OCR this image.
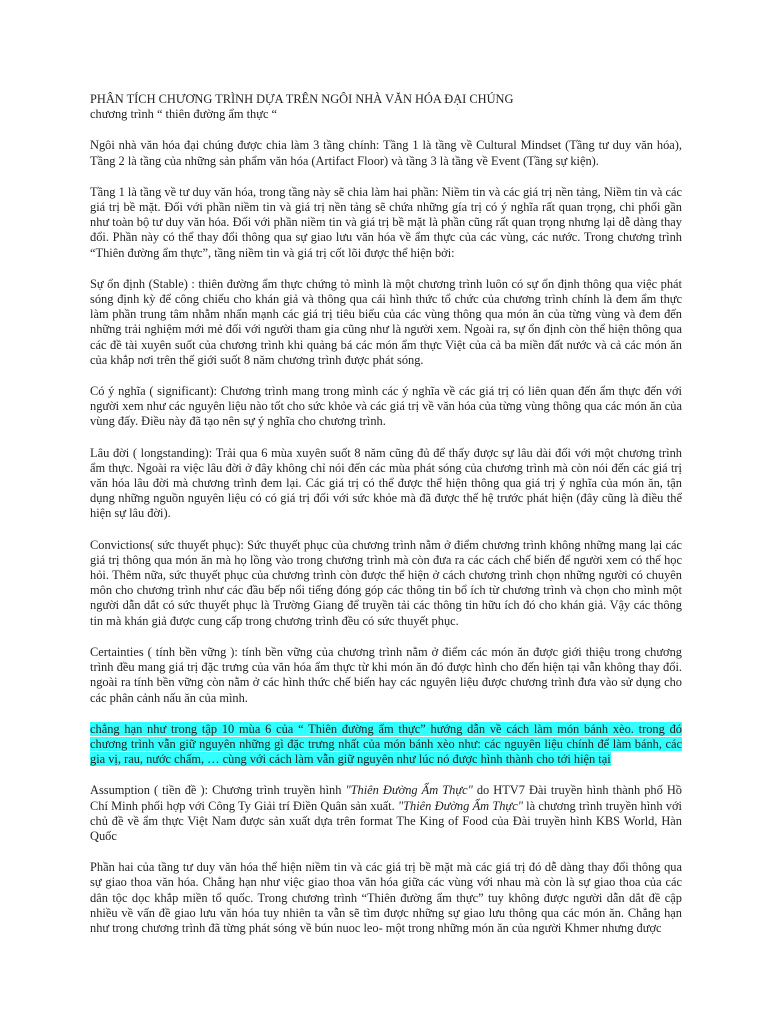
PHÂN TÍCH CHƯƠNG TRÌNH DỰA TRÊN NGÔI NHÀ VĂN HÓA ĐẠI CHÚNG

chương trình “ thiên đường ẩm thực “

Ngôi nhà văn hóa đại chúng được chia làm 3 tầng chính: Tầng 1 là tầng về Cultural Mindset (Tầng tư duy văn hóa), Tầng 2 là tầng của những sản phẩm văn hóa (Artifact Floor) và tầng 3 là tầng về Event (Tầng sự kiện).

Tầng 1 là tầng về tư duy văn hóa, trong tầng này sẽ chia làm hai phần: Niềm tin và các giá trị nền tảng, Niềm tin và các giá trị bề mặt. Đối với phần niềm tin và giá trị nền tảng sẽ chứa những gía trị có ý nghĩa rất quan trọng, chi phối gần như toàn bộ tư duy văn hóa. Đối với phần niềm tin và giá trị bề mặt là phần cũng rất quan trọng nhưng lại dễ dàng thay đổi. Phần này có thể thay đổi thông qua sự giao lưu văn hóa về ẩm thực của các vùng, các nước. Trong chương trình “Thiên đường ẩm thực”, tầng niềm tin và giá trị cốt lõi được thể hiện bởi:

Sự ổn định (Stable) : thiên đường ẩm thực chứng tỏ mình là một chương trình luôn có sự ổn định thông qua việc phát sóng định kỳ để công chiếu cho khán giả và thông qua cái hình thức tổ chức của chương trình chính là đem ẩm thực làm phần trung tâm nhằm nhấn mạnh các giá trị tiêu biểu của các vùng thông qua món ăn của từng vùng và đem đến những trải nghiệm mới mẻ đối với người tham gia cũng như là người xem. Ngoài ra, sự ổn định còn thể hiện thông qua các đề tài xuyên suốt của chương trình khi quảng bá các món ẩm thực Việt của cả ba miền đất nước và cả các món ăn của khắp nơi trên thế giới suốt 8 năm chương trình được phát sóng.

Có ý nghĩa ( significant): Chương trình mang trong mình các ý nghĩa về các giá trị có liên quan đến ẩm thực đến với người xem như các nguyên liệu nào tốt cho sức khỏe và các giá trị về văn hóa của từng vùng thông qua các món ăn của vùng đấy. Điều này đã tạo nên sự ý nghĩa cho chương trình.

Lâu đời ( longstanding): Trải qua 6 mùa xuyên suốt 8 năm cũng đủ để thấy được sự lâu dài đối với một chương trình ẩm thực. Ngoài ra việc lâu đời ở đây không chỉ nói đến các mùa phát sóng của chương trình mà còn nói đến các giá trị văn hóa lâu đời mà chương trình đem lại. Các giá trị có thể được thể hiện thông qua giá trị ý nghĩa của món ăn, tận dụng những nguồn nguyên liệu có có giá trị đối với sức khỏe mà đã được thế hệ trước phát hiện (đây cũng là điều thể hiện sự lâu đời).

Convictions( sức thuyết phục): Sức thuyết phục của chương trình nằm ở điểm chương trình không những mang lại các giá trị thông qua món ăn mà họ lồng vào trong chương trình mà còn đưa ra các cách chế biến để người xem có thể học hỏi. Thêm nữa, sức thuyết phục của chương trình còn được thể hiện ở cách chương trình chọn những người có chuyên môn cho chương trình như các đầu bếp nổi tiếng đóng góp các thông tin bổ ích từ chương trình và chọn cho mình một người dẫn dắt có sức thuyết phục là Trường Giang để truyền tải các thông tin hữu ích đó cho khán giả. Vậy các thông tin mà khán giả được cung cấp trong chương trình đều có sức thuyết phục.

Certainties ( tính bền vững ): tính bền vững của chương trình nằm ở điểm các món ăn được giới thiệu trong chương trình đều mang giá trị đặc trưng của văn hóa ẩm thực từ khi món ăn đó được hình cho đến hiện tại vẫn không thay đổi. ngoài ra tính bền vững còn nằm ở các hình thức chế biến hay các nguyên liệu được chương trình đưa vào sử dụng cho các phân cảnh nấu ăn của mình.

chẳng hạn như trong tập 10 mùa 6 của “ Thiên đường ẩm thực” hướng dẫn về cách làm món bánh xèo. trong đó chương trình vẫn giữ nguyên những gì đặc trưng nhất của món bánh xèo như: các nguyên liệu chính để làm bánh, các gia vị, rau, nước chấm, … cùng với cách làm vẫn giữ nguyên như lúc nó được hình thành cho tới hiện tại

Assumption ( tiền đề ): Chương trình truyền hình "Thiên Đường Ẩm Thực" do HTV7 Đài truyền hình thành phố Hồ Chí Minh phối hợp với Công Ty Giải trí Điền Quân sản xuất. "Thiên Đường Ẩm Thực" là chương trình truyền hình với chủ đề về ẩm thực Việt Nam được sản xuất dựa trên format The King of Food của Đài truyền hình KBS World, Hàn Quốc

Phần hai của tầng tư duy văn hóa thể hiện niềm tin và các giá trị bề mặt mà các giá trị đó dễ dàng thay đổi thông qua sự giao thoa văn hóa. Chẳng hạn như việc giao thoa văn hóa giữa các vùng với nhau mà còn là sự giao thoa của các dân tộc dọc khắp miền tổ quốc. Trong chương trình “Thiên đường ẩm thực” tuy không được người dẫn dắt đề cập nhiều về vấn đề giao lưu văn hóa tuy nhiên ta vẫn sẽ tìm được những sự giao lưu thông qua các món ăn. Chẳng hạn như trong chương trình đã từng phát sóng về bún nuoc leo- một trong những món ăn của người Khmer nhưng được
